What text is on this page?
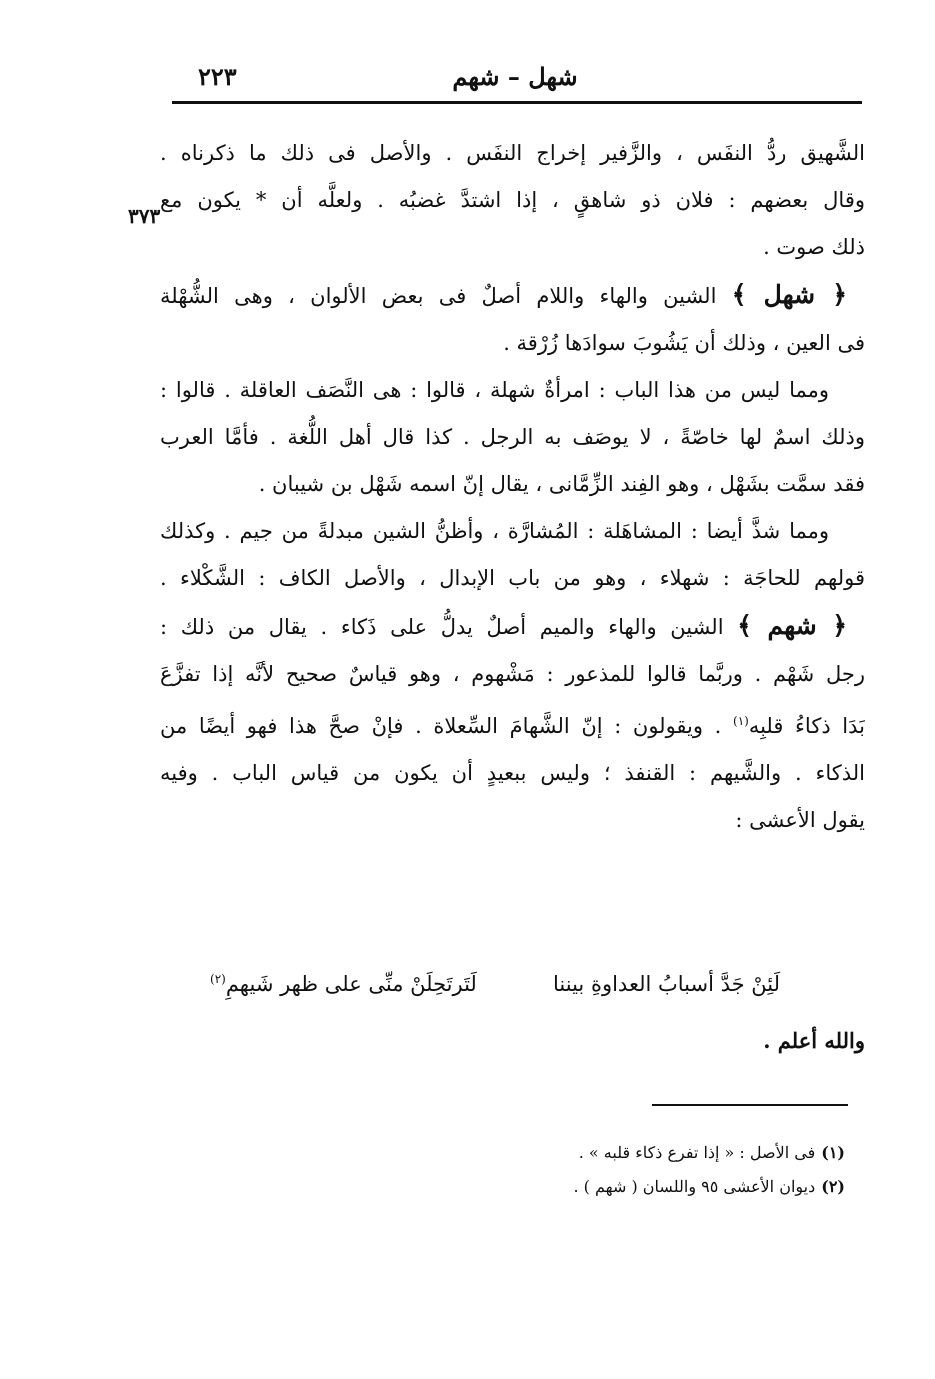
٢٢٣	شهل – شهم
٣٧٣
الشَّهيق ردُّ النفَس ، والزَّفير إخراج النفَس . والأصل فى ذلك ما ذكرناه .
وقال بعضهم : فلان ذو شاهقٍ ، إذا اشتدَّ غضبُه . ولعلَّه أن * يكون مع
ذلك صوت .
﴿ شهل ﴾ الشين والهاء واللام أصلٌ فى بعض الألوان ، وهى الشُّهْلة
فى العين ، وذلك أن يَشُوبَ سوادَها زُرْقة .
ومما ليس من هذا الباب : امرأةٌ شهلة ، قالوا : هى النَّصَف العاقلة . قالوا :
وذلك اسمٌ لها خاصّةً ، لا يوصَف به الرجل . كذا قال أهل اللُّغة . فأمَّا العرب
فقد سمَّت بشَهْل ، وهو الفِند الزِّمَّانى ، يقال إنّ اسمه شَهْل بن شيبان .
ومما شذَّ أيضا : المشاهَلة : المُشارَّة ، وأظنُّ الشين مبدلةً من جيم . وكذلك
قولهم للحاجَة : شهلاء ، وهو من باب الإبدال ، والأصل الكاف : الشَّكْلاء .
﴿ شهم ﴾ الشين والهاء والميم أصلٌ يدلُّ على ذَكاء . يقال من ذلك :
رجل شَهْم . وربَّما قالوا للمذعور : مَشْهوم ، وهو قياسٌ صحيح لأنَّه إذا تفزَّعَ
بَدَا ذكاءُ قلبِه$^{(١)}$ . ويقولون : إنّ الشَّهامَ السِّعلاة . فإنْ صحَّ هذا فهو أيضًا من
الذكاء . والشَّيهم : القنفذ ؛ وليس ببعيدٍ أن يكون من قياس الباب . وفيه
يقول الأعشى :
لَئِنْ جَدَّ أسبابُ العداوةِ بيننا
لَتَرتَحِلَنْ منِّى على ظهر شَيهمِ$^{(٢)}$
والله أعلم .
(١)فى الأصل : « إذا تفرع ذكاء قلبه » .
(٢)ديوان الأعشى ٩٥ واللسان ( شهم ) .
